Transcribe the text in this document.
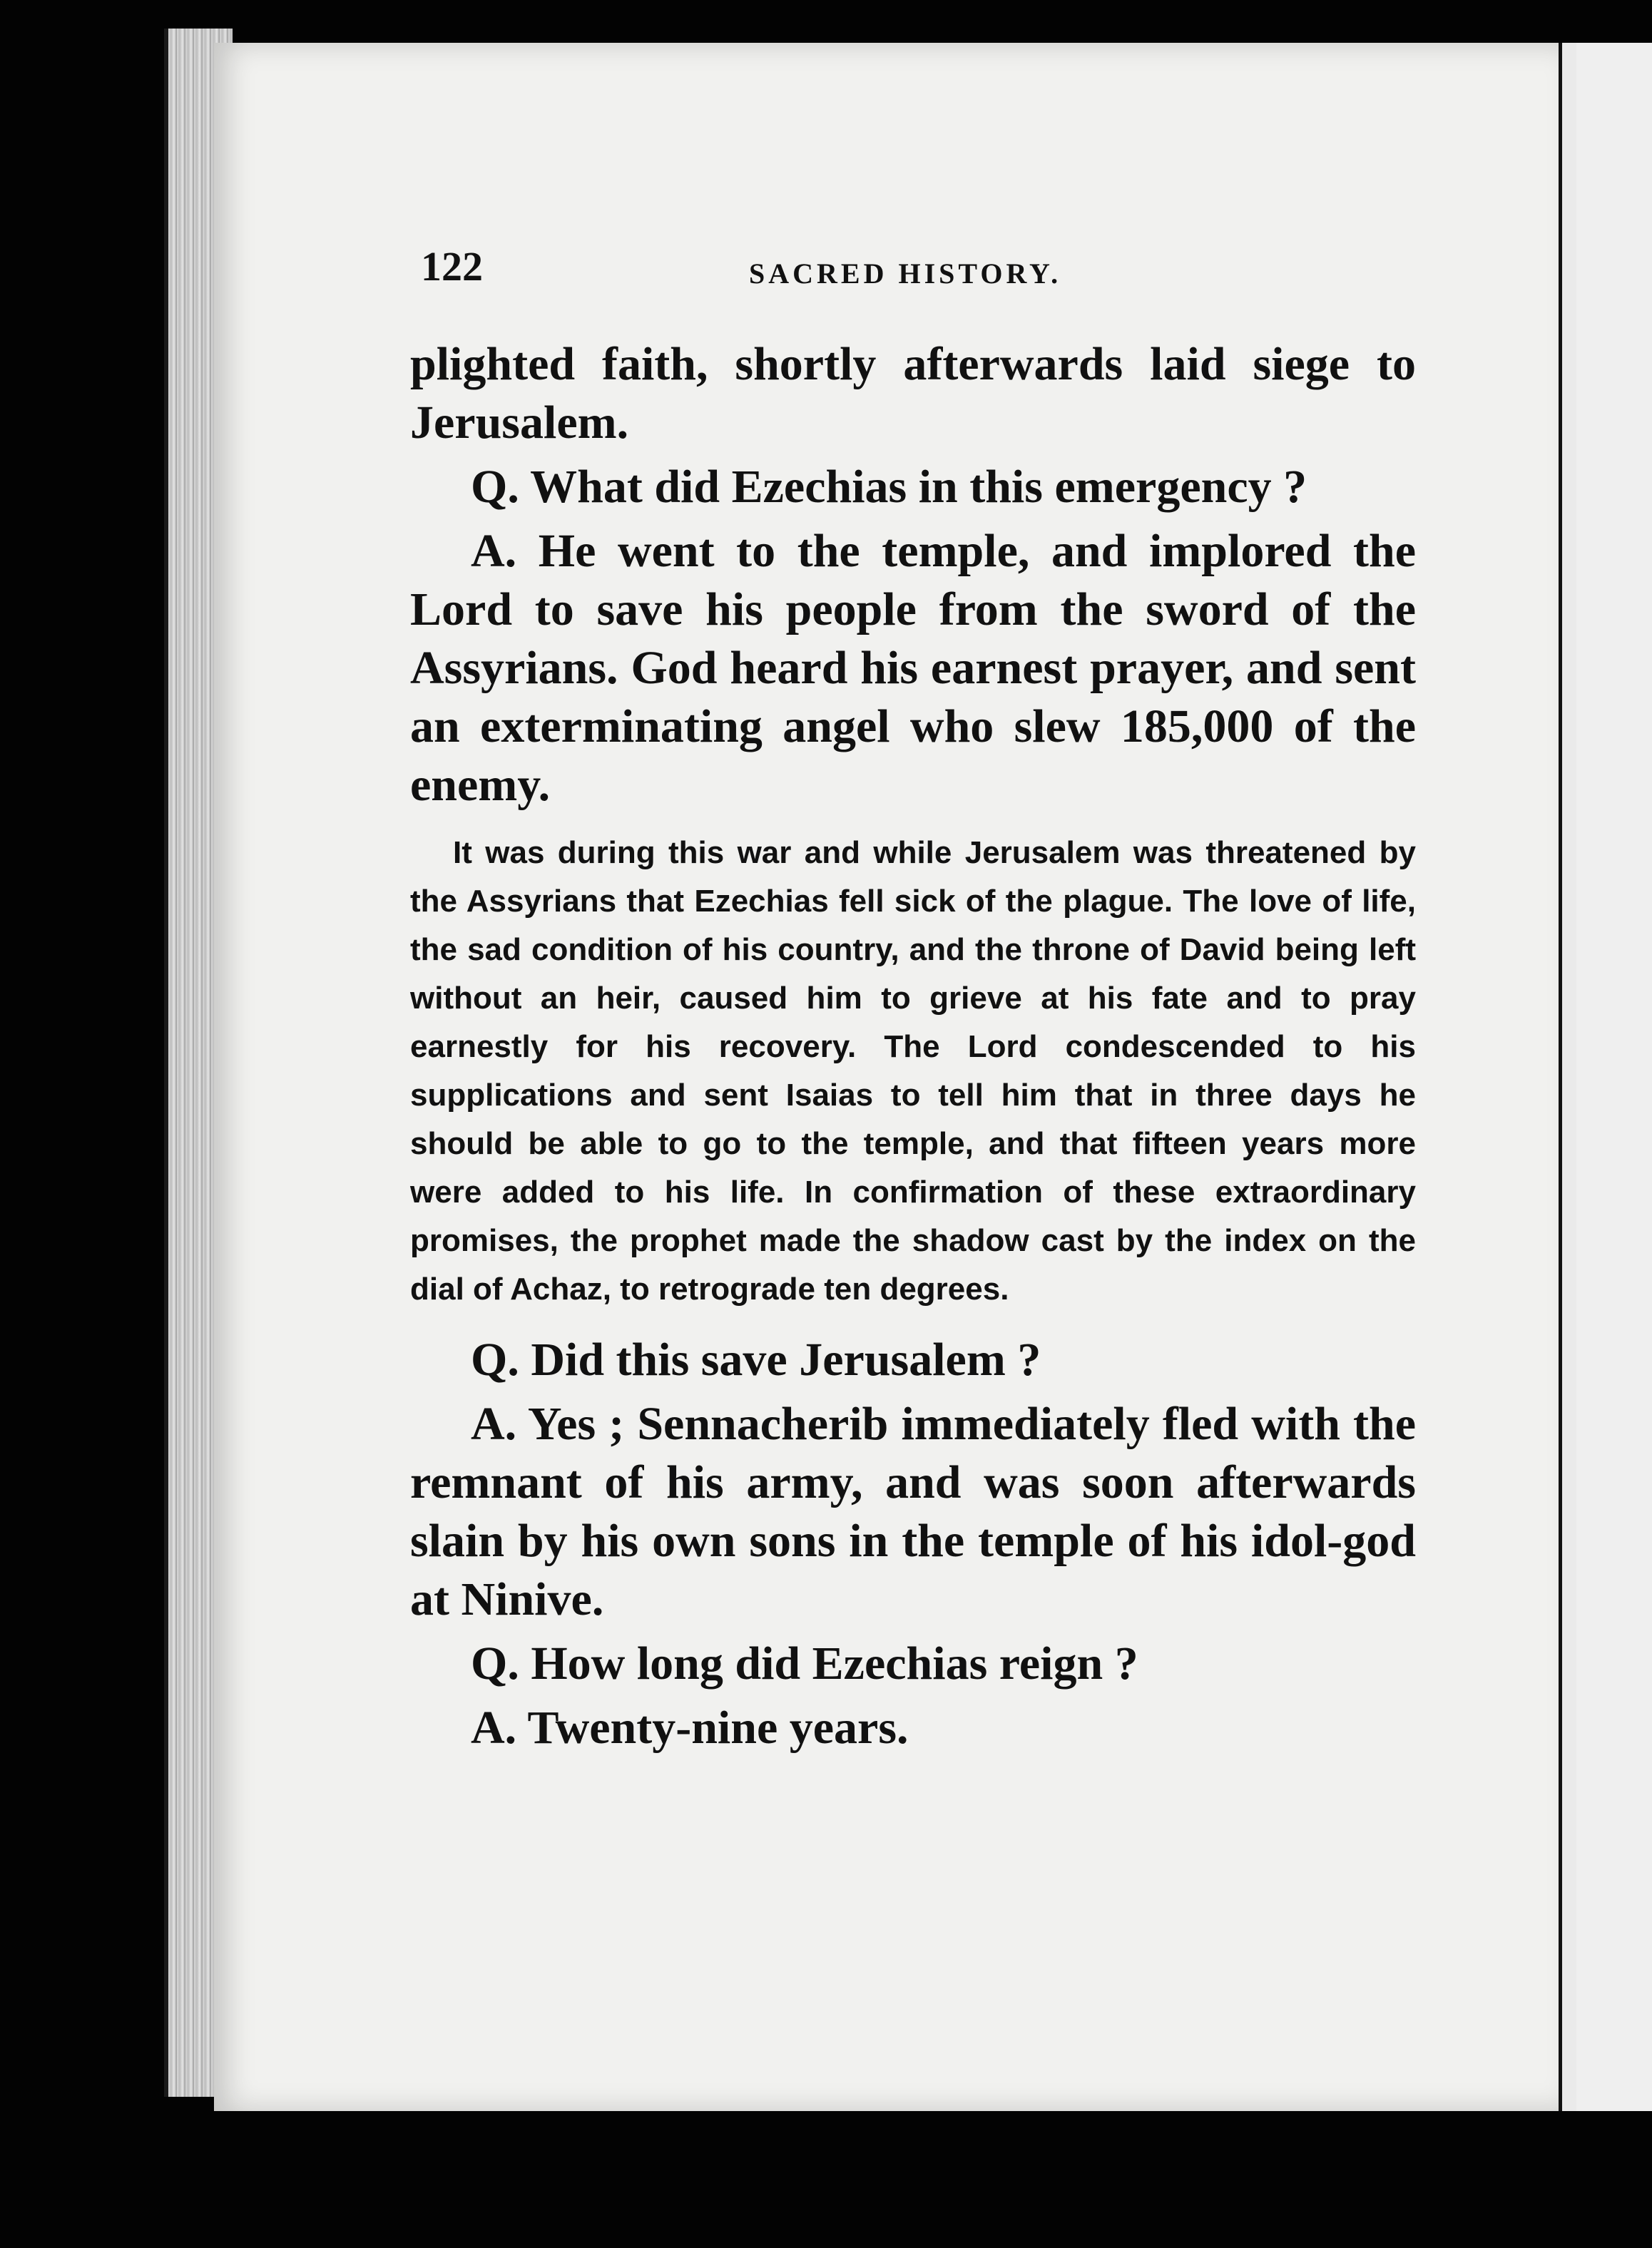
122	SACRED HISTORY.

plighted faith, shortly afterwards laid siege to Jerusalem.

Q. What did Ezechias in this emergency ?

A. He went to the temple, and implored the Lord to save his people from the sword of the Assyrians. God heard his earnest prayer, and sent an exterminating angel who slew 185,000 of the enemy.

It was during this war and while Jerusalem was threatened by the Assyrians that Ezechias fell sick of the plague. The love of life, the sad condition of his country, and the throne of David being left without an heir, caused him to grieve at his fate and to pray earnestly for his recovery. The Lord condescended to his supplications and sent Isaias to tell him that in three days he should be able to go to the temple, and that fifteen years more were added to his life. In confirmation of these extraordinary promises, the prophet made the shadow cast by the index on the dial of Achaz, to retrograde ten degrees.

Q. Did this save Jerusalem ?

A. Yes ; Sennacherib immediately fled with the remnant of his army, and was soon afterwards slain by his own sons in the temple of his idol-god at Ninive.

Q. How long did Ezechias reign ?

A. Twenty-nine years.
